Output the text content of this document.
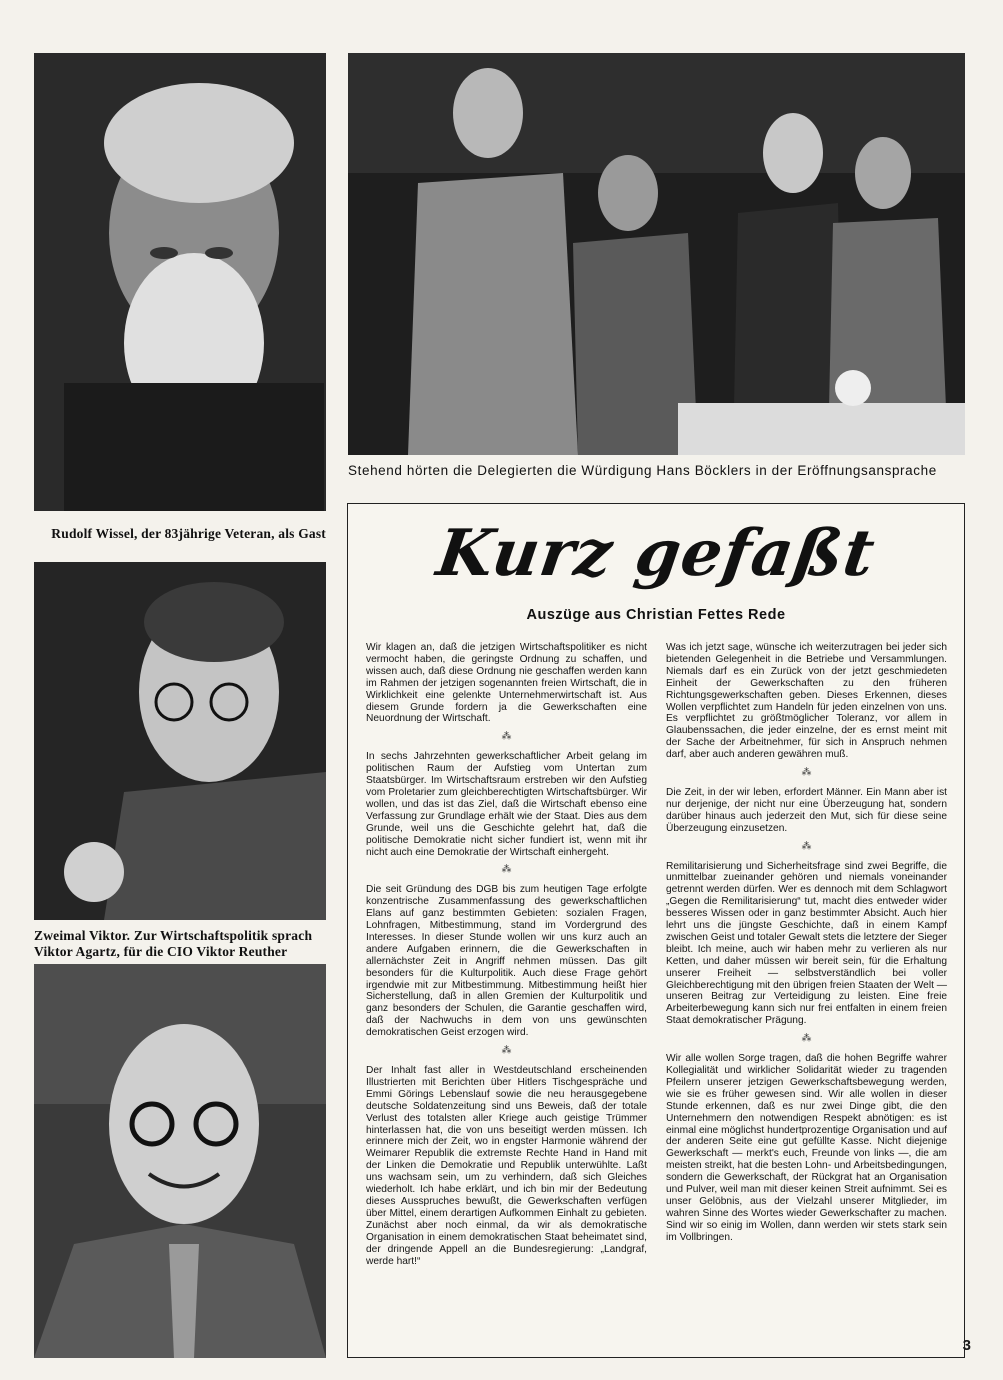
Stehend hörten die Delegierten die Würdigung Hans Böcklers in der Eröffnungsansprache
Rudolf Wissel, der 83jährige Veteran, als Gast
Zweimal Viktor. Zur Wirtschaftspolitik sprach
Viktor Agartz, für die CIO Viktor Reuther
Kurz gefaßt
Auszüge aus Christian Fettes Rede

Wir klagen an, daß die jetzigen Wirtschaftspolitiker es nicht vermocht haben, die geringste Ordnung zu schaffen, und wissen auch, daß diese Ordnung nie geschaffen werden kann im Rahmen der jetzigen sogenannten freien Wirtschaft, die in Wirklichkeit eine gelenkte Unternehmerwirtschaft ist. Aus diesem Grunde fordern ja die Gewerkschaften eine Neuordnung der Wirtschaft.

⁂

In sechs Jahrzehnten gewerkschaftlicher Arbeit gelang im politischen Raum der Aufstieg vom Untertan zum Staatsbürger. Im Wirtschaftsraum erstreben wir den Aufstieg vom Proletarier zum gleichberechtigten Wirtschaftsbürger. Wir wollen, und das ist das Ziel, daß die Wirtschaft ebenso eine Verfassung zur Grundlage erhält wie der Staat. Dies aus dem Grunde, weil uns die Geschichte gelehrt hat, daß die politische Demokratie nicht sicher fundiert ist, wenn mit ihr nicht auch eine Demokratie der Wirtschaft einhergeht.

⁂

Die seit Gründung des DGB bis zum heutigen Tage erfolgte konzentrische Zusammenfassung des gewerkschaftlichen Elans auf ganz bestimmten Gebieten: sozialen Fragen, Lohnfragen, Mitbestimmung, stand im Vordergrund des Interesses. In dieser Stunde wollen wir uns kurz auch an andere Aufgaben erinnern, die die Gewerkschaften in allernächster Zeit in Angriff nehmen müssen. Das gilt besonders für die Kulturpolitik. Auch diese Frage gehört irgendwie mit zur Mitbestimmung. Mitbestimmung heißt hier Sicherstellung, daß in allen Gremien der Kulturpolitik und ganz besonders der Schulen, die Garantie geschaffen wird, daß der Nachwuchs in dem von uns gewünschten demokratischen Geist erzogen wird.

⁂

Der Inhalt fast aller in Westdeutschland erscheinenden Illustrierten mit Berichten über Hitlers Tischgespräche und Emmi Görings Lebenslauf sowie die neu herausgegebene deutsche Soldatenzeitung sind uns Beweis, daß der totale Verlust des totalsten aller Kriege auch geistige Trümmer hinterlassen hat, die von uns beseitigt werden müssen. Ich erinnere mich der Zeit, wo in engster Harmonie während der Weimarer Republik die extremste Rechte Hand in Hand mit der Linken die Demokratie und Republik unterwühlte. Laßt uns wachsam sein, um zu verhindern, daß sich Gleiches wiederholt. Ich habe erklärt, und ich bin mir der Bedeutung dieses Ausspruches bewußt, die Gewerkschaften verfügen über Mittel, einem derartigen Aufkommen Einhalt zu gebieten. Zunächst aber noch einmal, da wir als demokratische Organisation in einem demokratischen Staat beheimatet sind, der dringende Appell an die Bundesregierung: „Landgraf, werde hart!“

Was ich jetzt sage, wünsche ich weiterzutragen bei jeder sich bietenden Gelegenheit in die Betriebe und Versammlungen. Niemals darf es ein Zurück von der jetzt geschmiedeten Einheit der Gewerkschaften zu den früheren Richtungsgewerkschaften geben. Dieses Erkennen, dieses Wollen verpflichtet zum Handeln für jeden einzelnen von uns. Es verpflichtet zu größtmöglicher Toleranz, vor allem in Glaubenssachen, die jeder einzelne, der es ernst meint mit der Sache der Arbeitnehmer, für sich in Anspruch nehmen darf, aber auch anderen gewähren muß.

⁂

Die Zeit, in der wir leben, erfordert Männer. Ein Mann aber ist nur derjenige, der nicht nur eine Überzeugung hat, sondern darüber hinaus auch jederzeit den Mut, sich für diese seine Überzeugung einzusetzen.

⁂

Remilitarisierung und Sicherheitsfrage sind zwei Begriffe, die unmittelbar zueinander gehören und niemals voneinander getrennt werden dürfen. Wer es dennoch mit dem Schlagwort „Gegen die Remilitarisierung“ tut, macht dies entweder wider besseres Wissen oder in ganz bestimmter Absicht. Auch hier lehrt uns die jüngste Geschichte, daß in einem Kampf zwischen Geist und totaler Gewalt stets die letztere der Sieger bleibt. Ich meine, auch wir haben mehr zu verlieren als nur Ketten, und daher müssen wir bereit sein, für die Erhaltung unserer Freiheit — selbstverständlich bei voller Gleichberechtigung mit den übrigen freien Staaten der Welt — unseren Beitrag zur Verteidigung zu leisten. Eine freie Arbeiterbewegung kann sich nur frei entfalten in einem freien Staat demokratischer Prägung.

⁂

Wir alle wollen Sorge tragen, daß die hohen Begriffe wahrer Kollegialität und wirklicher Solidarität wieder zu tragenden Pfeilern unserer jetzigen Gewerkschaftsbewegung werden, wie sie es früher gewesen sind. Wir alle wollen in dieser Stunde erkennen, daß es nur zwei Dinge gibt, die den Unternehmern den notwendigen Respekt abnötigen: es ist einmal eine möglichst hundertprozentige Organisation und auf der anderen Seite eine gut gefüllte Kasse. Nicht diejenige Gewerkschaft — merkt's euch, Freunde von links —, die am meisten streikt, hat die besten Lohn- und Arbeitsbedingungen, sondern die Gewerkschaft, der Rückgrat hat an Organisation und Pulver, weil man mit dieser keinen Streit aufnimmt. Sei es unser Gelöbnis, aus der Vielzahl unserer Mitglieder, im wahren Sinne des Wortes wieder Gewerkschafter zu machen. Sind wir so einig im Wollen, dann werden wir stets stark sein im Vollbringen.

3
